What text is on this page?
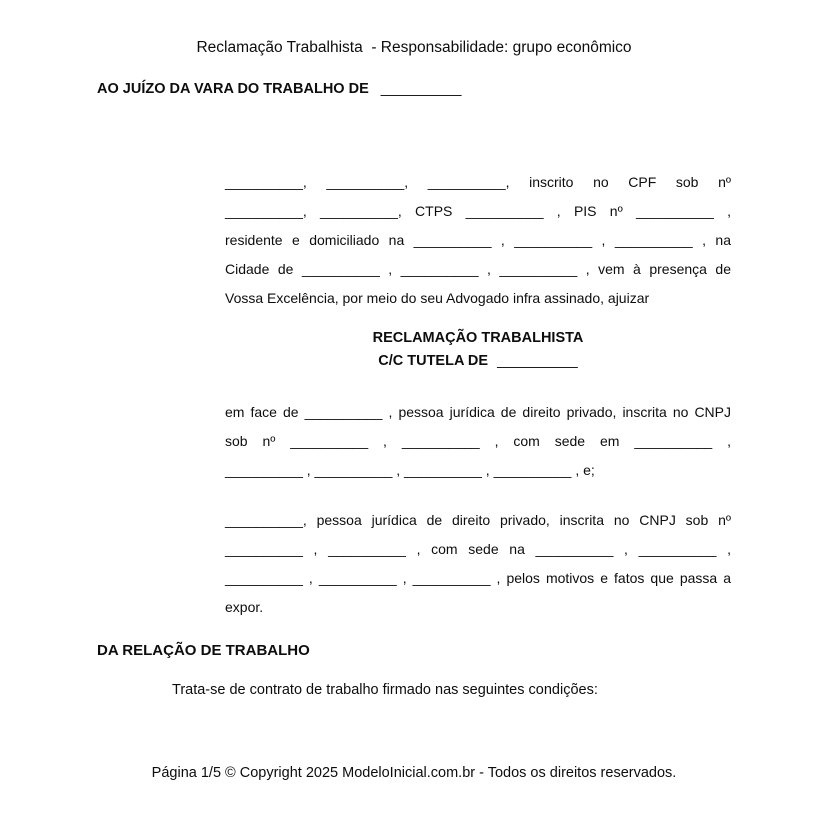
Reclamação Trabalhista  - Responsabilidade: grupo econômico
AO JUÍZO DA VARA DO TRABALHO DE __________
__________, __________, __________, inscrito no CPF sob nº
__________, __________, CTPS __________ , PIS nº __________ ,
residente e domiciliado na __________ , __________ , __________ , na
Cidade de __________ , __________ , __________ , vem à presença de
Vossa Excelência, por meio do seu Advogado infra assinado, ajuizar
RECLAMAÇÃO TRABALHISTA
C/C TUTELA DE __________
em face de __________ , pessoa jurídica de direito privado, inscrita no CNPJ
sob nº __________ , __________ , com sede em __________ ,
__________ , __________ , __________ , __________ , e;
__________, pessoa jurídica de direito privado, inscrita no CNPJ sob nº
__________ , __________ , com sede na __________ , __________ ,
__________ , __________ , __________ , pelos motivos e fatos que passa a
expor.
DA RELAÇÃO DE TRABALHO
Trata-se de contrato de trabalho firmado nas seguintes condições:
Página 1/5 © Copyright 2025 ModeloInicial.com.br - Todos os direitos reservados.
